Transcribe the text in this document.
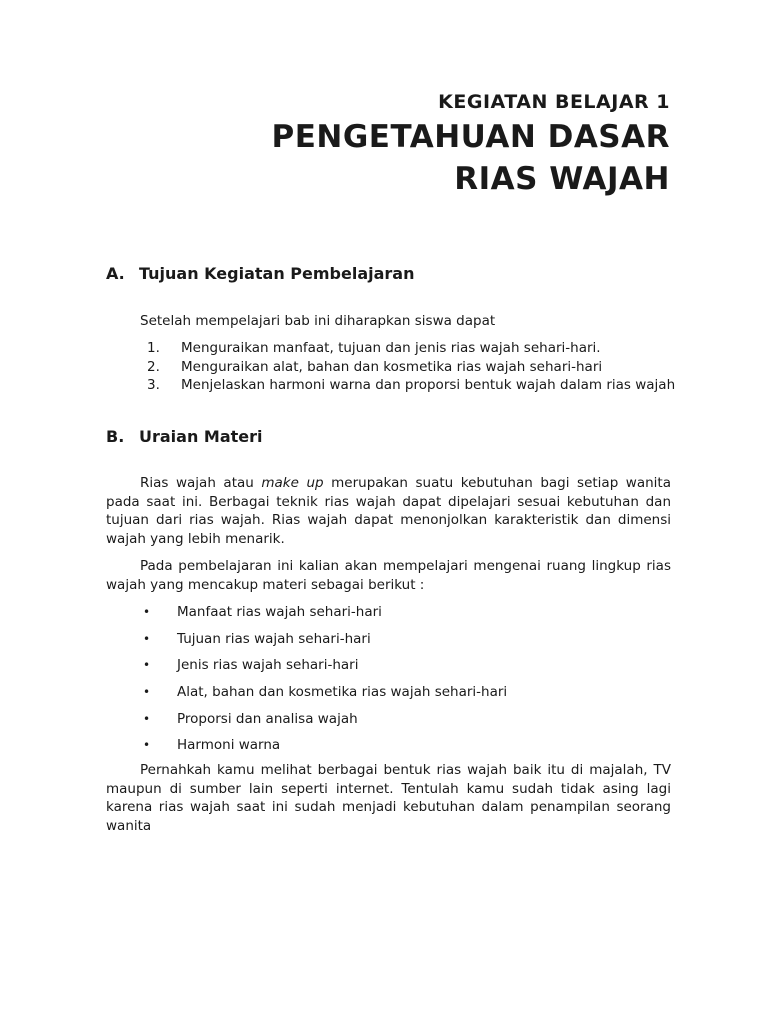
KEGIATAN BELAJAR 1
PENGETAHUAN DASAR
RIAS WAJAH
A. Tujuan Kegiatan Pembelajaran
Setelah mempelajari bab ini diharapkan siswa dapat
1.	Menguraikan manfaat, tujuan dan jenis rias wajah sehari-hari.
2.	Menguraikan alat, bahan dan kosmetika rias wajah sehari-hari
3.	Menjelaskan harmoni warna dan proporsi bentuk wajah dalam rias wajah
B. Uraian Materi
Rias wajah atau make up merupakan suatu kebutuhan bagi setiap wanita pada saat ini. Berbagai teknik rias wajah dapat dipelajari sesuai kebutuhan dan tujuan dari rias wajah. Rias wajah dapat menonjolkan karakteristik dan dimensi wajah yang lebih menarik.
Pada pembelajaran ini kalian akan mempelajari mengenai ruang lingkup rias wajah yang mencakup materi sebagai berikut :
•	Manfaat rias wajah sehari-hari
•	Tujuan rias wajah sehari-hari
•	Jenis rias wajah sehari-hari
•	Alat, bahan dan kosmetika rias wajah sehari-hari
•	Proporsi dan analisa wajah
•	Harmoni warna
Pernahkah kamu melihat berbagai bentuk rias wajah baik itu di majalah, TV maupun di sumber lain seperti internet. Tentulah kamu sudah tidak asing lagi karena rias wajah saat ini sudah menjadi kebutuhan dalam penampilan seorang wanita
